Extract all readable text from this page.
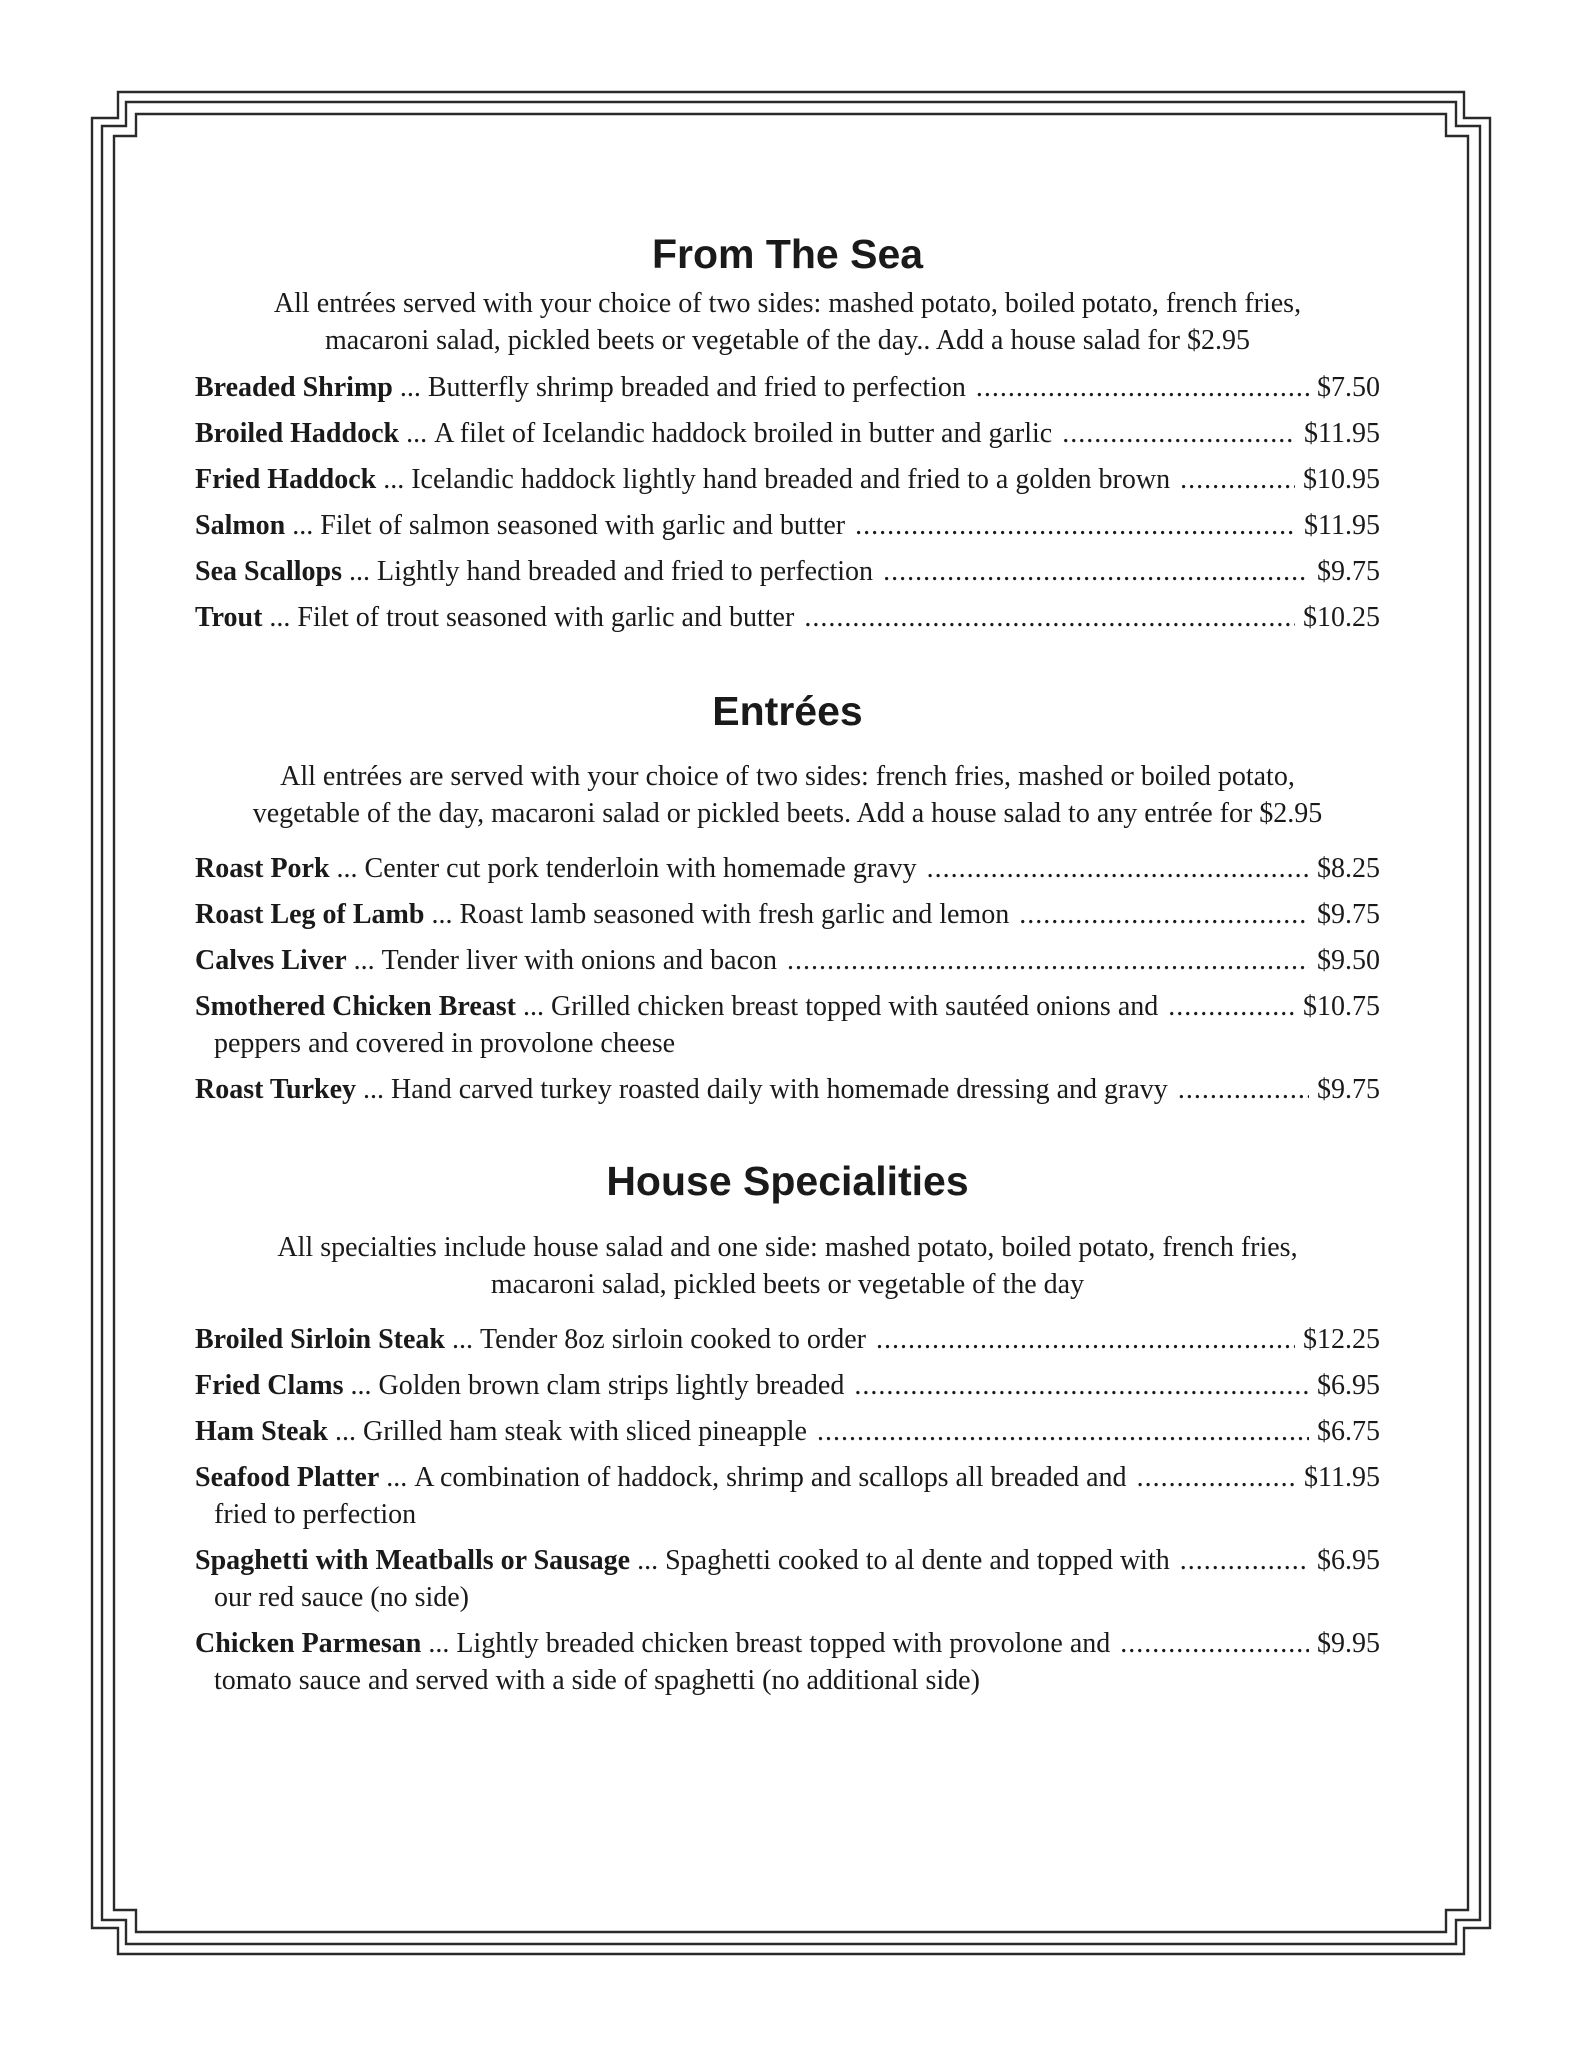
From The Sea

All entrées served with your choice of two sides: mashed potato, boiled potato, french fries,
macaroni salad, pickled beets or vegetable of the day.. Add a house salad for $2.95

Breaded Shrimp ... Butterfly shrimp breaded and fried to perfection .....	$7.50
Broiled Haddock ... A filet of Icelandic haddock broiled in butter and garlic .....	$11.95
Fried Haddock ... Icelandic haddock lightly hand breaded and fried to a golden brown .....	$10.95
Salmon ... Filet of salmon seasoned with garlic and butter .....	$11.95
Sea Scallops ... Lightly hand breaded and fried to perfection .....	$9.75
Trout ... Filet of trout seasoned with garlic and butter .....	$10.25
Entrées

All entrées are served with your choice of two sides: french fries, mashed or boiled potato,
vegetable of the day, macaroni salad or pickled beets. Add a house salad to any entrée for $2.95

Roast Pork ... Center cut pork tenderloin with homemade gravy .....	$8.25
Roast Leg of Lamb ... Roast lamb seasoned with fresh garlic and lemon .....	$9.75
Calves Liver ... Tender liver with onions and bacon .....	$9.50
Smothered Chicken Breast ... Grilled chicken breast topped with sautéed onions and .....	$10.75
peppers and covered in provolone cheese
Roast Turkey ... Hand carved turkey roasted daily with homemade dressing and gravy .....	$9.75
House Specialities

All specialties include house salad and one side: mashed potato, boiled potato, french fries,
macaroni salad, pickled beets or vegetable of the day

Broiled Sirloin Steak ... Tender 8oz sirloin cooked to order .....	$12.25
Fried Clams ... Golden brown clam strips lightly breaded .....	$6.95
Ham Steak ... Grilled ham steak with sliced pineapple .....	$6.75
Seafood Platter ... A combination of haddock, shrimp and scallops all breaded and .....	$11.95
fried to perfection
Spaghetti with Meatballs or Sausage ... Spaghetti cooked to al dente and topped with .....	$6.95
our red sauce (no side)
Chicken Parmesan ... Lightly breaded chicken breast topped with provolone and .....	$9.95
tomato sauce and served with a side of spaghetti (no additional side)
